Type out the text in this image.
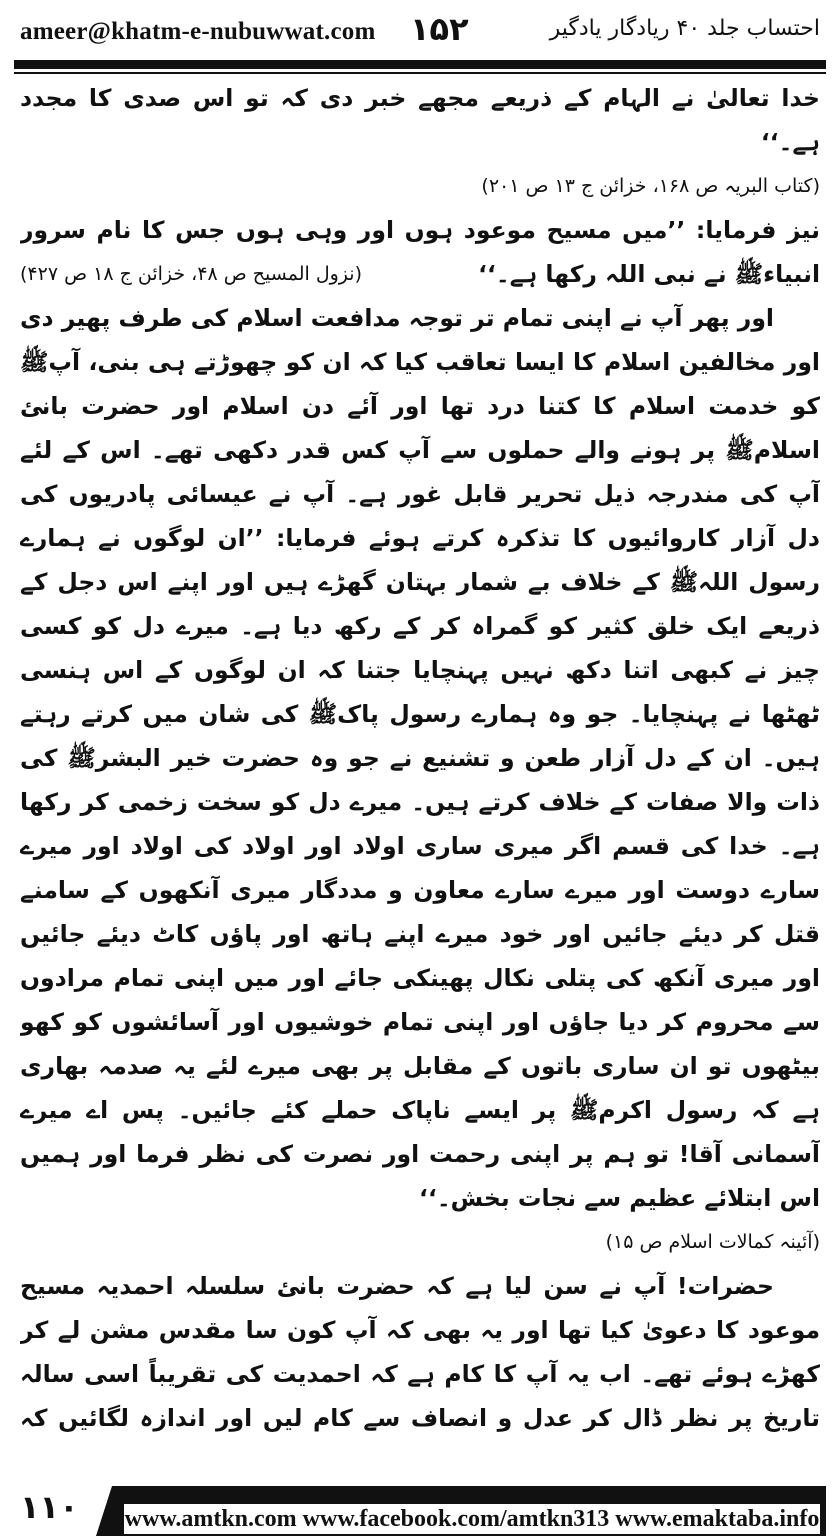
ameer@khatm-e-nubuwwat.com ۱۵۲	احتساب جلد ۴۰ ریادگار یادگیر

خدا تعالیٰ نے الہام کے ذریعے مجھے خبر دی کہ تو اس صدی کا مجدد ہے۔‘‘

(کتاب البریہ ص ۱۶۸، خزائن ج ۱۳ ص ۲۰۱)

نیز فرمایا: ’’میں مسیح موعود ہوں اور وہی ہوں جس کا نام سرور انبیاءﷺ نے نبی اللہ رکھا ہے۔‘‘
(نزول المسیح ص ۴۸، خزائن ج ۱۸ ص ۴۲۷)

اور پھر آپ نے اپنی تمام تر توجہ مدافعت اسلام کی طرف پھیر دی اور مخالفین اسلام کا ایسا تعاقب کیا کہ ان کو چھوڑتے ہی بنی، آپﷺ کو خدمت اسلام کا کتنا درد تھا اور آئے دن اسلام اور حضرت بانئ اسلامﷺ پر ہونے والے حملوں سے آپ کس قدر دکھی تھے۔ اس کے لئے آپ کی مندرجہ ذیل تحریر قابل غور ہے۔ آپ نے عیسائی پادریوں کی دل آزار کاروائیوں کا تذکرہ کرتے ہوئے فرمایا: ’’ان لوگوں نے ہمارے رسول اللہﷺ کے خلاف بے شمار بہتان گھڑے ہیں اور اپنے اس دجل کے ذریعے ایک خلق کثیر کو گمراہ کر کے رکھ دیا ہے۔ میرے دل کو کسی چیز نے کبھی اتنا دکھ نہیں پہنچایا جتنا کہ ان لوگوں کے اس ہنسی ٹھٹھا نے پہنچایا۔ جو وہ ہمارے رسول پاکﷺ کی شان میں کرتے رہتے ہیں۔ ان کے دل آزار طعن و تشنیع نے جو وہ حضرت خیر البشرﷺ کی ذات والا صفات کے خلاف کرتے ہیں۔ میرے دل کو سخت زخمی کر رکھا ہے۔ خدا کی قسم اگر میری ساری اولاد اور اولاد کی اولاد اور میرے سارے دوست اور میرے سارے معاون و مددگار میری آنکھوں کے سامنے قتل کر دیئے جائیں اور خود میرے اپنے ہاتھ اور پاؤں کاٹ دیئے جائیں اور میری آنکھ کی پتلی نکال پھینکی جائے اور میں اپنی تمام مرادوں سے محروم کر دیا جاؤں اور اپنی تمام خوشیوں اور آسائشوں کو کھو بیٹھوں تو ان ساری باتوں کے مقابل پر بھی میرے لئے یہ صدمہ بھاری ہے کہ رسول اکرمﷺ پر ایسے ناپاک حملے کئے جائیں۔ پس اے میرے آسمانی آقا! تو ہم پر اپنی رحمت اور نصرت کی نظر فرما اور ہمیں اس ابتلائے عظیم سے نجات بخش۔‘‘

(آئینہ کمالات اسلام ص ۱۵)

حضرات! آپ نے سن لیا ہے کہ حضرت بانئ سلسلہ احمدیہ مسیح موعود کا دعویٰ کیا تھا اور یہ بھی کہ آپ کون سا مقدس مشن لے کر کھڑے ہوئے تھے۔ اب یہ آپ کا کام ہے کہ احمدیت کی تقریباً اسی سالہ تاریخ پر نظر ڈال کر عدل و انصاف سے کام لیں اور اندازہ لگائیں کہ

۱۱۰ www.amtkn.com www.facebook.com/amtkn313 www.emaktaba.info
